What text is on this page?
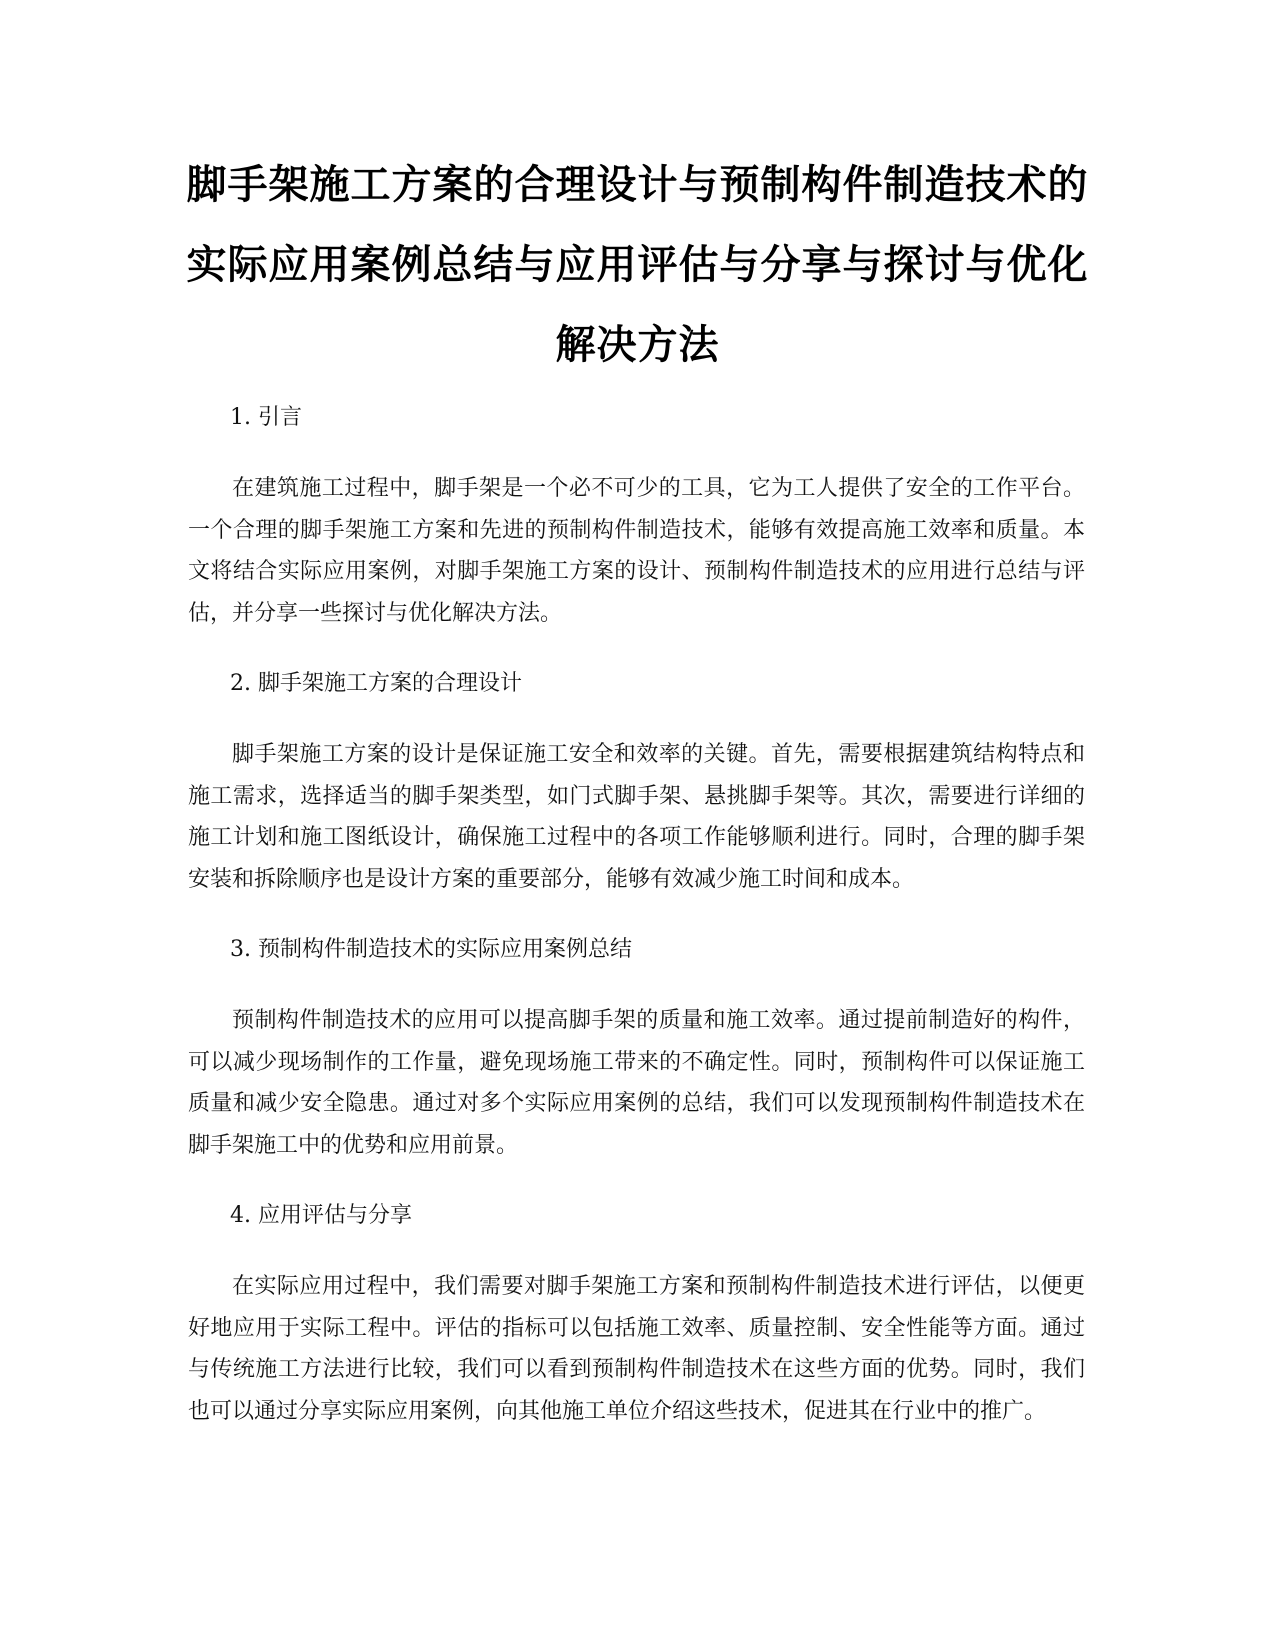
脚手架施工方案的合理设计与预制构件制造技术的实际应用案例总结与应用评估与分享与探讨与优化解决方法

1. 引言

在建筑施工过程中，脚手架是一个必不可少的工具，它为工人提供了安全的工作平台。一个合理的脚手架施工方案和先进的预制构件制造技术，能够有效提高施工效率和质量。本文将结合实际应用案例，对脚手架施工方案的设计、预制构件制造技术的应用进行总结与评估，并分享一些探讨与优化解决方法。

2. 脚手架施工方案的合理设计

脚手架施工方案的设计是保证施工安全和效率的关键。首先，需要根据建筑结构特点和施工需求，选择适当的脚手架类型，如门式脚手架、悬挑脚手架等。其次，需要进行详细的施工计划和施工图纸设计，确保施工过程中的各项工作能够顺利进行。同时，合理的脚手架安装和拆除顺序也是设计方案的重要部分，能够有效减少施工时间和成本。

3. 预制构件制造技术的实际应用案例总结

预制构件制造技术的应用可以提高脚手架的质量和施工效率。通过提前制造好的构件，可以减少现场制作的工作量，避免现场施工带来的不确定性。同时，预制构件可以保证施工质量和减少安全隐患。通过对多个实际应用案例的总结，我们可以发现预制构件制造技术在脚手架施工中的优势和应用前景。

4. 应用评估与分享

在实际应用过程中，我们需要对脚手架施工方案和预制构件制造技术进行评估，以便更好地应用于实际工程中。评估的指标可以包括施工效率、质量控制、安全性能等方面。通过与传统施工方法进行比较，我们可以看到预制构件制造技术在这些方面的优势。同时，我们也可以通过分享实际应用案例，向其他施工单位介绍这些技术，促进其在行业中的推广。
